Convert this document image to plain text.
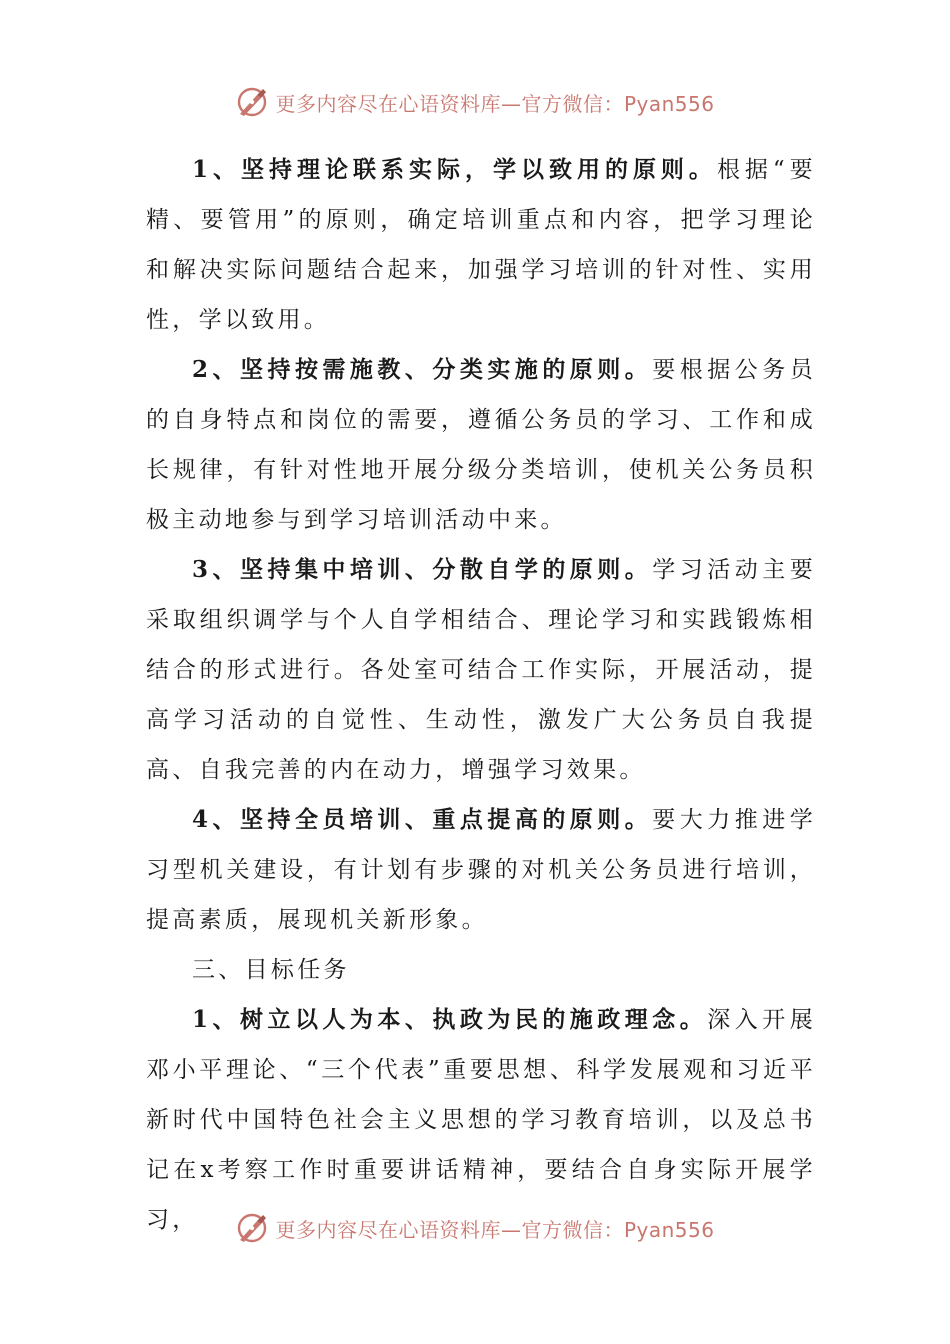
更多内容尽在心语资料库—官方微信：Pyan556

1、坚持理论联系实际，学以致用的原则。根据“要精、要管用”的原则，确定培训重点和内容，把学习理论和解决实际问题结合起来，加强学习培训的针对性、实用性，学以致用。

2、坚持按需施教、分类实施的原则。要根据公务员的自身特点和岗位的需要，遵循公务员的学习、工作和成长规律，有针对性地开展分级分类培训，使机关公务员积极主动地参与到学习培训活动中来。

3、坚持集中培训、分散自学的原则。学习活动主要采取组织调学与个人自学相结合、理论学习和实践锻炼相结合的形式进行。各处室可结合工作实际，开展活动，提高学习活动的自觉性、生动性，激发广大公务员自我提高、自我完善的内在动力，增强学习效果。

4、坚持全员培训、重点提高的原则。要大力推进学习型机关建设，有计划有步骤的对机关公务员进行培训，提高素质，展现机关新形象。

三、目标任务

1、树立以人为本、执政为民的施政理念。深入开展邓小平理论、“三个代表”重要思想、科学发展观和习近平新时代中国特色社会主义思想的学习教育培训，以及总书记在x考察工作时重要讲话精神，要结合自身实际开展学习，	更多内容尽在心语资料库—官方微信：Pyan556
